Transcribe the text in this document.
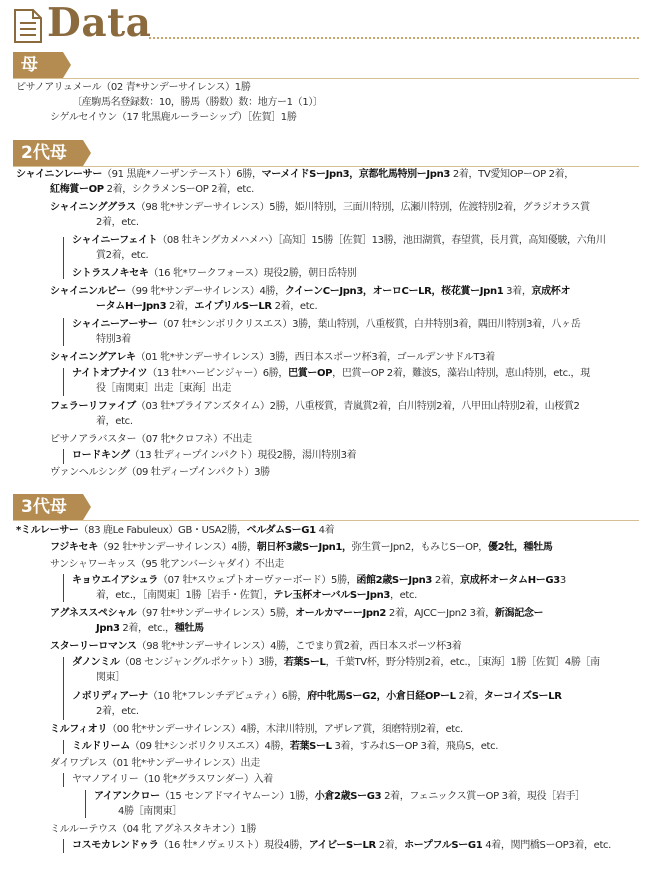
Data
母
ピサノアリュメール（02 青*サンデーサイレンス）1勝
〔産駒馬名登録数：10，勝馬（勝数）数：地方ー1（1）〕
シゲルセイウン（17 牝黒鹿ルーラーシップ）［佐賀］1勝
2代母
シャイニンレーサー（91 黒鹿*ノーザンテースト）6勝，マーメイドSーJpn3，京都牝馬特別ーJpn3 2着，TV愛知OPーOP 2着，
紅梅賞ーOP 2着，シクラメンSーOP 2着，etc.
シャイニンググラス（98 牝*サンデーサイレンス）5勝，姫川特別，三面川特別，広瀬川特別，佐渡特別2着，グラジオラス賞
2着，etc.
シャイニーフェイト（08 牡キングカメハメハ）［高知］15勝［佐賀］13勝，池田湖賞，春望賞，長月賞，高知優駿，六角川
賞2着，etc.
シトラスノキセキ（16 牝*ワークフォース）現役2勝，朝日岳特別
シャイニンルビー（99 牝*サンデーサイレンス）4勝，クイーンCーJpn3，オーロCーLR，桜花賞ーJpn1 3着，京成杯オ
ータムHーJpn3 2着，エイプリルSーLR 2着，etc.
シャイニーアーサー（07 牡*シンボリクリスエス）3勝，葉山特別，八重桜賞，白井特別3着，隅田川特別3着，八ヶ岳
特別3着
シャイニングアレキ（01 牝*サンデーサイレンス）3勝，西日本スポーツ杯3着，ゴールデンサドルT3着
ナイトオブナイツ（13 牡*ハービンジャー）6勝，巴賞ーOP，巴賞ーOP 2着，難波S，藻岩山特別，恵山特別，etc.，現
役［南関東］出走［東海］出走
フェラーリファイブ（03 牡*ブライアンズタイム）2勝，八重桜賞，青嵐賞2着，白川特別2着，八甲田山特別2着，山桜賞2
着，etc.
ピサノアラバスター（07 牝*クロフネ）不出走
ロードキング（13 牡ディープインパクト）現役2勝，湯川特別3着
ヴァンヘルシング（09 牡ディープインパクト）3勝
3代母
*ミルレーサー（83 鹿Le Fabuleux）GB・USA2勝，ベルダムSーG1 4着
フジキセキ（92 牡*サンデーサイレンス）4勝，朝日杯3歳SーJpn1，弥生賞ーJpn2，もみじSーOP，優2牡，種牡馬
サンシャワーキッス（95 牝アンバーシャダイ）不出走
キョウエイアシュラ（07 牡*スウェプトオーヴァーボード）5勝，函館2歳SーJpn3 2着，京成杯オータムHーG33
着，etc.，［南関東］1勝［岩手・佐賀］，テレ玉杯オーバルSーJpn3，etc.
アグネススペシャル（97 牡*サンデーサイレンス）5勝，オールカマーーJpn2 2着，AJCCーJpn2 3着，新潟記念ー
Jpn3 2着，etc.，種牡馬
スターリーロマンス（98 牝*サンデーサイレンス）4勝，こでまり賞2着，西日本スポーツ杯3着
ダノンミル（08 センジャングルポケット）3勝，若葉SーL，千葉TV杯，野分特別2着，etc.，［東海］1勝［佐賀］4勝［南
関東］
ノボリディアーナ（10 牝*フレンチデピュティ）6勝，府中牝馬SーG2，小倉日経OPーL 2着，ターコイズSーLR
2着，etc.
ミルフィオリ（00 牝*サンデーサイレンス）4勝，木津川特別，アザレア賞，須磨特別2着，etc.
ミルドリーム（09 牡*シンボリクリスエス）4勝，若葉SーL 3着，すみれSーOP 3着，飛鳥S，etc.
ダイワプレス（01 牝*サンデーサイレンス）出走
ヤマノアイリー（10 牝*グラスワンダー）入着
アイアンクロー（15 センアドマイヤムーン）1勝，小倉2歳SーG3 2着，フェニックス賞ーOP 3着，現役［岩手］
4勝［南関東］
ミルルーテウス（04 牝 アグネスタキオン）1勝
コスモカレンドゥラ（16 牡*ノヴェリスト）現役4勝，アイビーSーLR 2着，ホープフルSーG1 4着，関門橋SーOP3着，etc.
